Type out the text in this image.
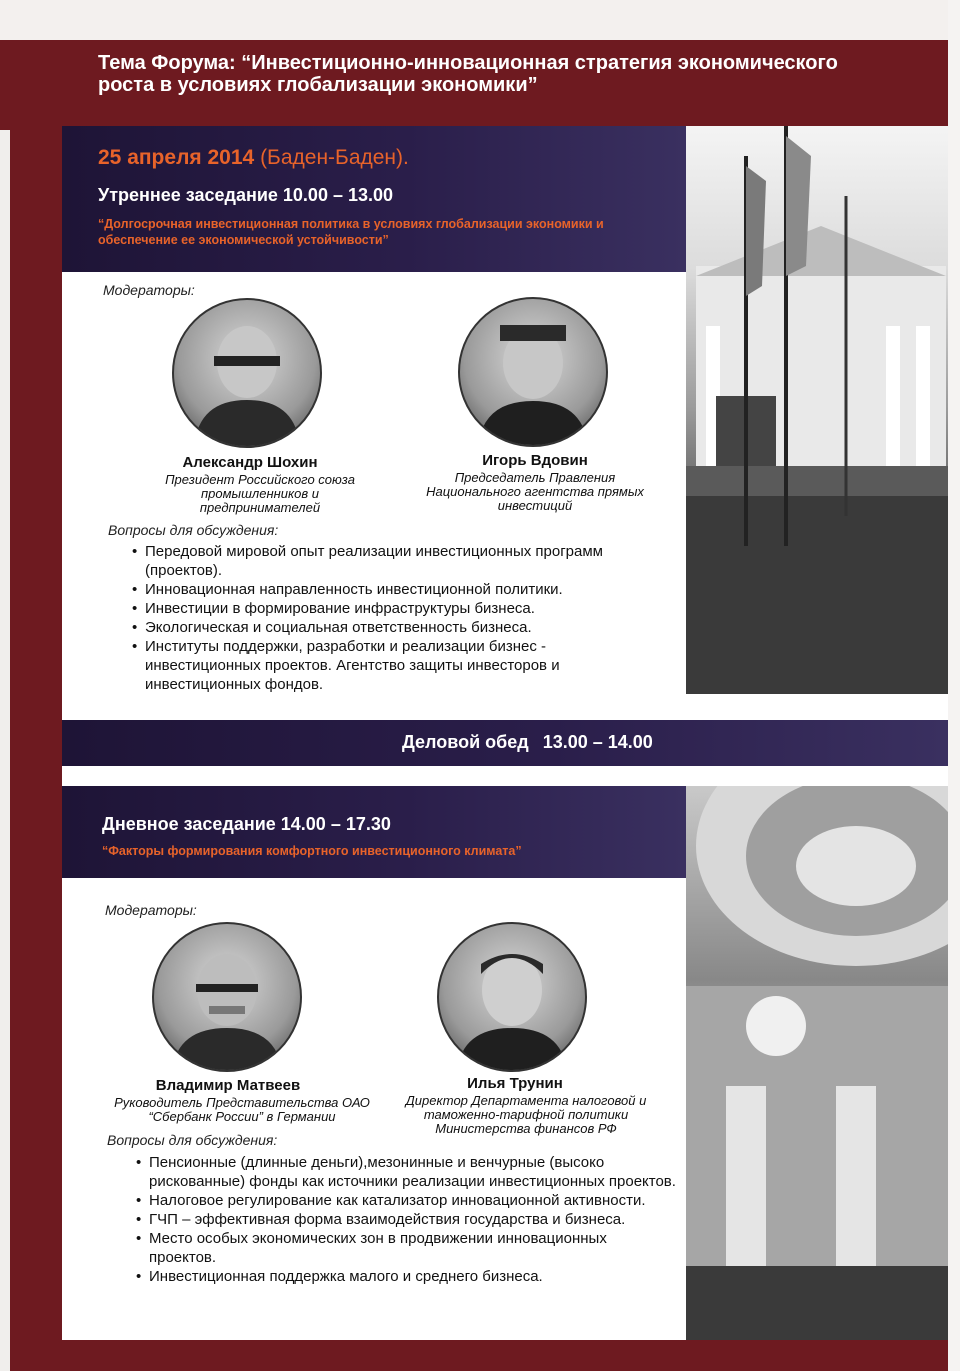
Тема Форума: “Инвестиционно-инновационная стратегия экономического роста в условиях глобализации экономики”
25 апреля 2014 (Баден-Баден).
Утреннее заседание 10.00 – 13.00
“Долгосрочная инвестиционная политика в условиях глобализации экономики и обеспечение ее экономической устойчивости”
Модераторы:
Александр Шохин
Президент Российского союза промышленников и предпринимателей
Игорь Вдовин
Председатель Правления Национального агентства прямых инвестиций
Вопросы для обсуждения:
• Передовой мировой опыт реализации инвестиционных программ (проектов).
• Инновационная направленность инвестиционной политики.
• Инвестиции в формирование инфраструктуры бизнеса.
• Экологическая и социальная ответственность бизнеса.
• Институты поддержки, разработки и реализации бизнес - инвестиционных проектов. Агентство защиты инвесторов и инвестиционных фондов.
Деловой обед 13.00 – 14.00
Дневное заседание 14.00 – 17.30
“Факторы формирования комфортного инвестиционного климата”
Модераторы:
Владимир Матвеев
Руководитель Представительства ОАО “Сбербанк России” в Германии
Илья Трунин
Директор Департамента налоговой и таможенно-тарифной политики Министерства финансов РФ
Вопросы для обсуждения:
• Пенсионные (длинные деньги),мезонинные и венчурные (высоко рискованные) фонды как источники реализации инвестиционных проектов.
• Налоговое регулирование как катализатор инновационной активности.
• ГЧП – эффективная форма взаимодействия государства и бизнеса.
• Место особых экономических зон в продвижении инновационных проектов.
• Инвестиционная поддержка малого и среднего бизнеса.
